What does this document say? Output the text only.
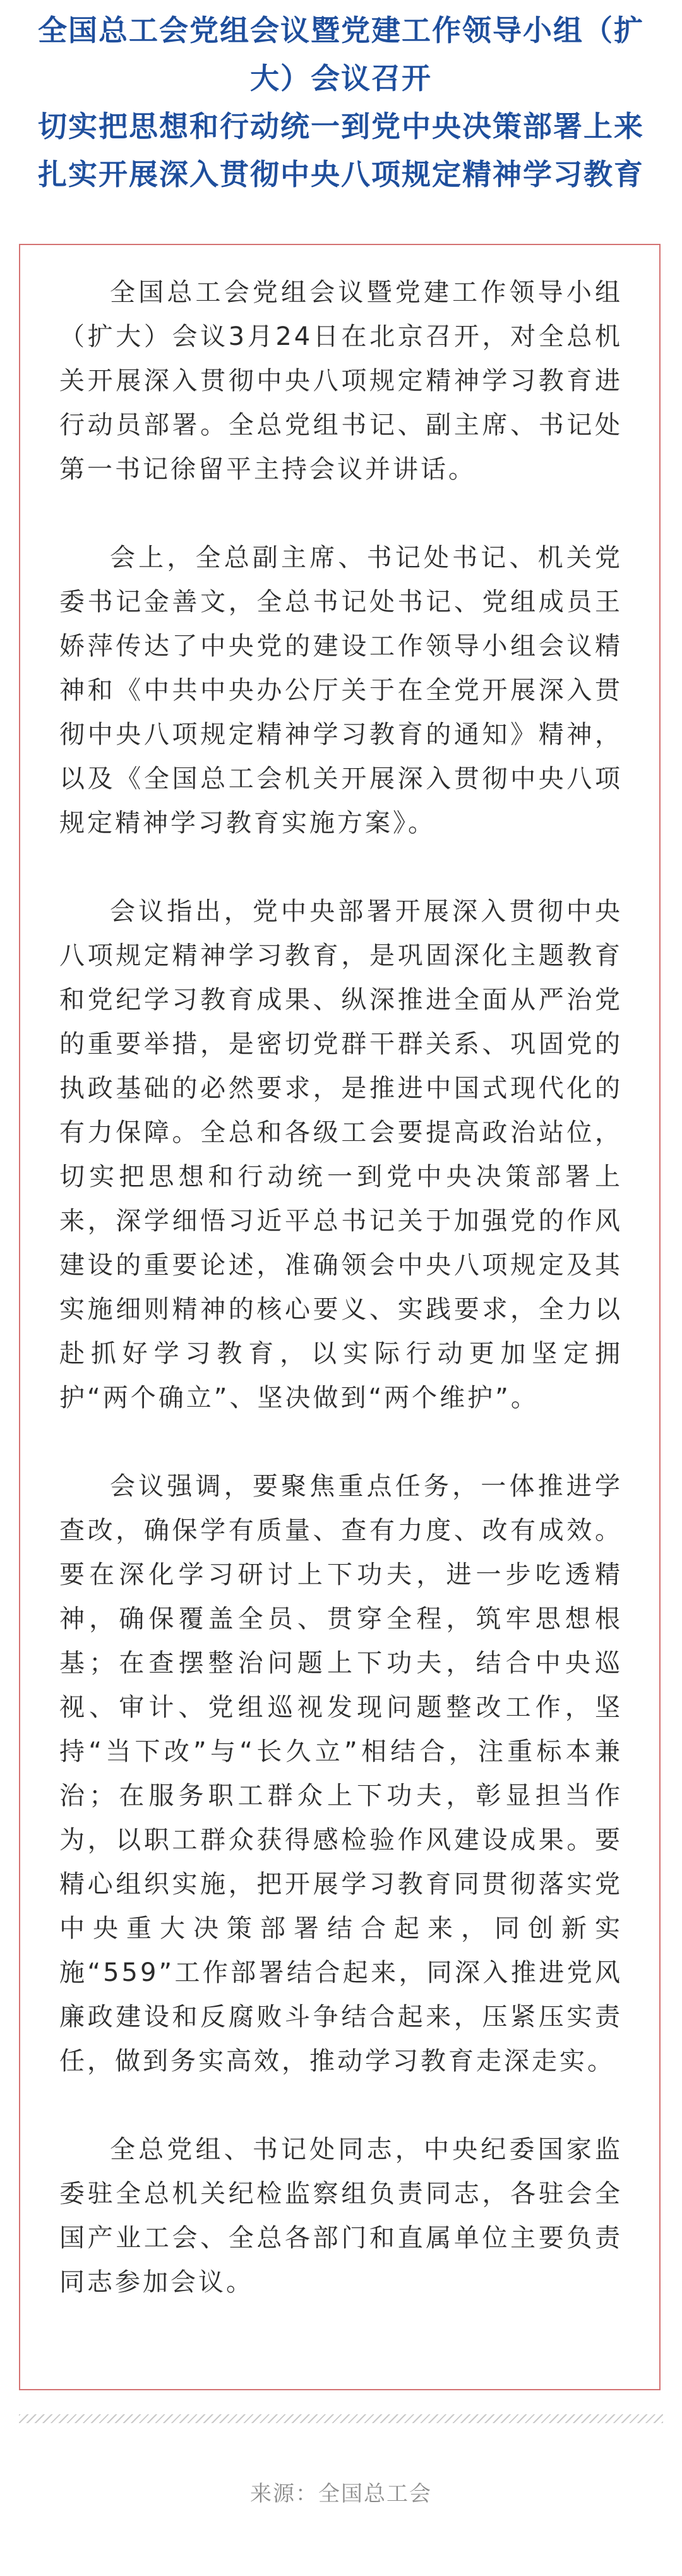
全国总工会党组会议暨党建工作领导小组（扩
大）会议召开
切实把思想和行动统一到党中央决策部署上来
扎实开展深入贯彻中央八项规定精神学习教育

全国总工会党组会议暨党建工作领导小组（扩大）会议3月24日在北京召开，对全总机关开展深入贯彻中央八项规定精神学习教育进行动员部署。全总党组书记、副主席、书记处第一书记徐留平主持会议并讲话。

会上，全总副主席、书记处书记、机关党委书记金善文，全总书记处书记、党组成员王娇萍传达了中央党的建设工作领导小组会议精神和《中共中央办公厅关于在全党开展深入贯彻中央八项规定精神学习教育的通知》精神，以及《全国总工会机关开展深入贯彻中央八项规定精神学习教育实施方案》。

会议指出，党中央部署开展深入贯彻中央八项规定精神学习教育，是巩固深化主题教育和党纪学习教育成果、纵深推进全面从严治党的重要举措，是密切党群干群关系、巩固党的执政基础的必然要求，是推进中国式现代化的有力保障。全总和各级工会要提高政治站位，切实把思想和行动统一到党中央决策部署上来，深学细悟习近平总书记关于加强党的作风建设的重要论述，准确领会中央八项规定及其实施细则精神的核心要义、实践要求，全力以赴抓好学习教育，以实际行动更加坚定拥护“两个确立”、坚决做到“两个维护”。

会议强调，要聚焦重点任务，一体推进学查改，确保学有质量、查有力度、改有成效。要在深化学习研讨上下功夫，进一步吃透精神，确保覆盖全员、贯穿全程，筑牢思想根基；在查摆整治问题上下功夫，结合中央巡视、审计、党组巡视发现问题整改工作，坚持“当下改”与“长久立”相结合，注重标本兼治；在服务职工群众上下功夫，彰显担当作为，以职工群众获得感检验作风建设成果。要精心组织实施，把开展学习教育同贯彻落实党中央重大决策部署结合起来，同创新实施“559”工作部署结合起来，同深入推进党风廉政建设和反腐败斗争结合起来，压紧压实责任，做到务实高效，推动学习教育走深走实。

全总党组、书记处同志，中央纪委国家监委驻全总机关纪检监察组负责同志，各驻会全国产业工会、全总各部门和直属单位主要负责同志参加会议。

来源：全国总工会
